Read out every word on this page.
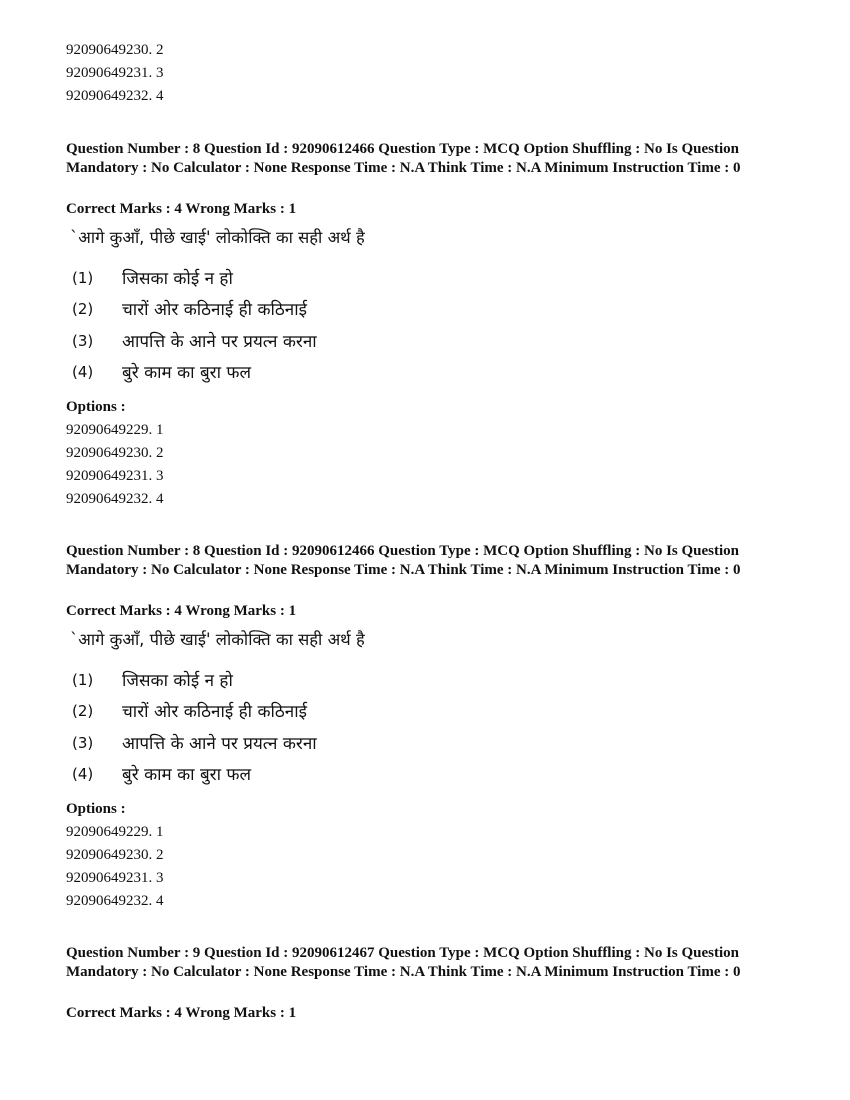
92090649230. 2
92090649231. 3
92090649232. 4
Question Number : 8 Question Id : 92090612466 Question Type : MCQ Option Shuffling : No Is Question Mandatory : No Calculator : None Response Time : N.A Think Time : N.A Minimum Instruction Time : 0
Correct Marks : 4 Wrong Marks : 1
`आगे कुआँ, पीछे खाई' लोकोक्ति का सही अर्थ है
(1) जिसका कोई न हो
(2) चारों ओर कठिनाई ही कठिनाई
(3) आपत्ति के आने पर प्रयत्न करना
(4) बुरे काम का बुरा फल
Options :
92090649229. 1
92090649230. 2
92090649231. 3
92090649232. 4
Question Number : 8 Question Id : 92090612466 Question Type : MCQ Option Shuffling : No Is Question Mandatory : No Calculator : None Response Time : N.A Think Time : N.A Minimum Instruction Time : 0
Correct Marks : 4 Wrong Marks : 1
`आगे कुआँ, पीछे खाई' लोकोक्ति का सही अर्थ है
(1) जिसका कोई न हो
(2) चारों ओर कठिनाई ही कठिनाई
(3) आपत्ति के आने पर प्रयत्न करना
(4) बुरे काम का बुरा फल
Options :
92090649229. 1
92090649230. 2
92090649231. 3
92090649232. 4
Question Number : 9 Question Id : 92090612467 Question Type : MCQ Option Shuffling : No Is Question Mandatory : No Calculator : None Response Time : N.A Think Time : N.A Minimum Instruction Time : 0
Correct Marks : 4 Wrong Marks : 1
